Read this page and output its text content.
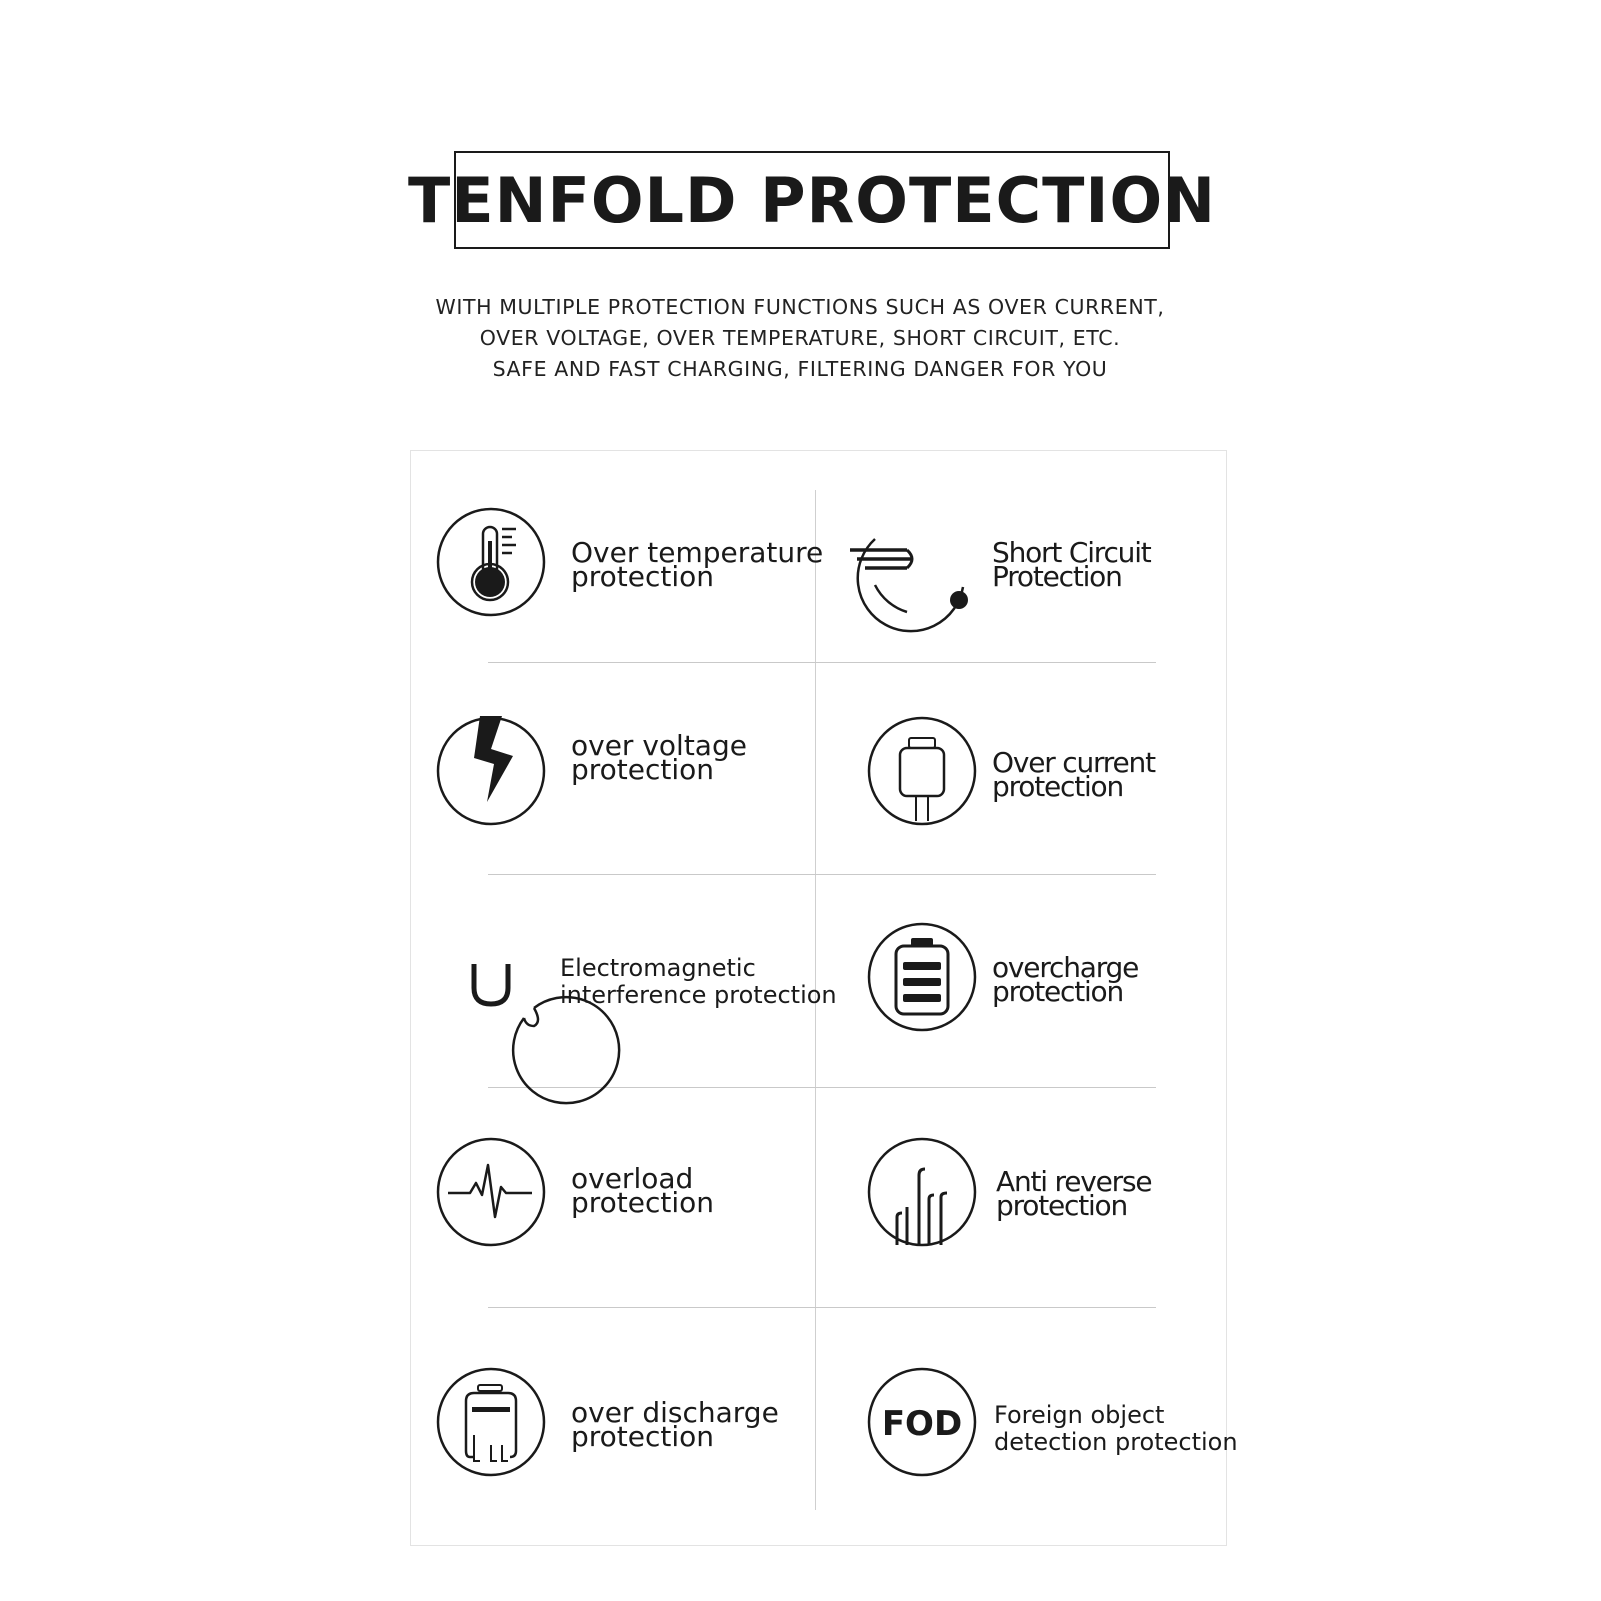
TENFOLD PROTECTION
WITH MULTIPLE PROTECTION FUNCTIONS SUCH AS OVER CURRENT,
OVER VOLTAGE, OVER TEMPERATURE, SHORT CIRCUIT, ETC.
SAFE AND FAST CHARGING, FILTERING DANGER FOR YOU
Over temperature
protection
Short Circuit
Protection
over voltage
protection	Over current
protection
Electromagnetic
interference protection
overcharge
protection
overload
protection
Anti reverse
protection
over discharge
protection	FOD Foreign object
detection protection
